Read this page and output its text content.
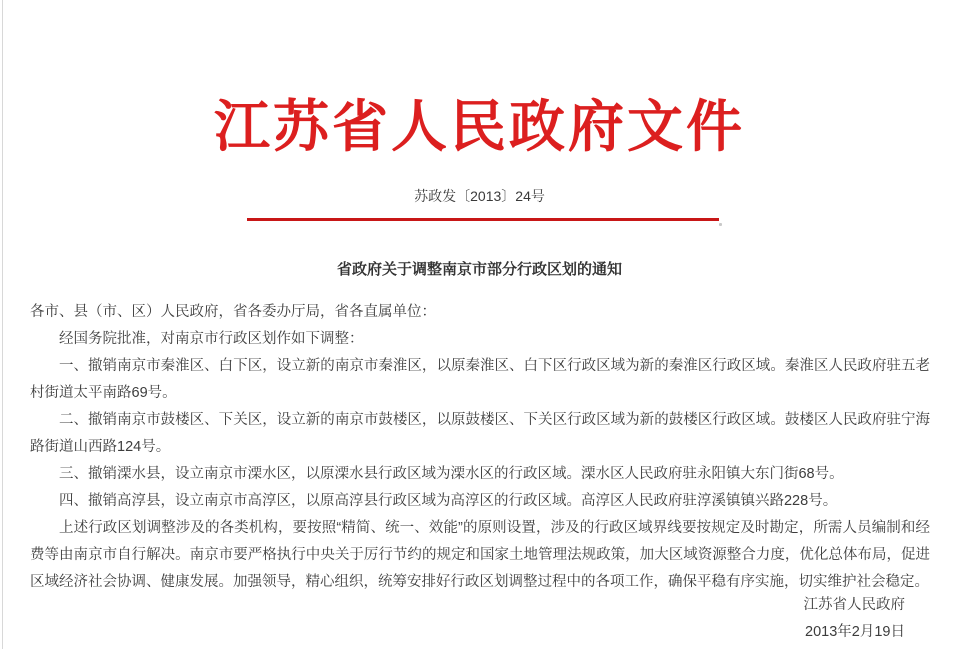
江苏省人民政府文件
苏政发〔2013〕24号
省政府关于调整南京市部分行政区划的通知

各市、县（市、区）人民政府，省各委办厅局，省各直属单位：

经国务院批准，对南京市行政区划作如下调整：

一、撤销南京市秦淮区、白下区，设立新的南京市秦淮区，以原秦淮区、白下区行政区域为新的秦淮区行政区域。秦淮区人民政府驻五老村街道太平南路69号。

二、撤销南京市鼓楼区、下关区，设立新的南京市鼓楼区，以原鼓楼区、下关区行政区域为新的鼓楼区行政区域。鼓楼区人民政府驻宁海路街道山西路124号。

三、撤销溧水县，设立南京市溧水区，以原溧水县行政区域为溧水区的行政区域。溧水区人民政府驻永阳镇大东门街68号。

四、撤销高淳县，设立南京市高淳区，以原高淳县行政区域为高淳区的行政区域。高淳区人民政府驻淳溪镇镇兴路228号。

上述行政区划调整涉及的各类机构，要按照“精简、统一、效能”的原则设置，涉及的行政区域界线要按规定及时勘定，所需人员编制和经费等由南京市自行解决。南京市要严格执行中央关于厉行节约的规定和国家土地管理法规政策，加大区域资源整合力度，优化总体布局，促进区域经济社会协调、健康发展。加强领导，精心组织，统筹安排好行政区划调整过程中的各项工作，确保平稳有序实施，切实维护社会稳定。

江苏省人民政府
2013年2月19日
